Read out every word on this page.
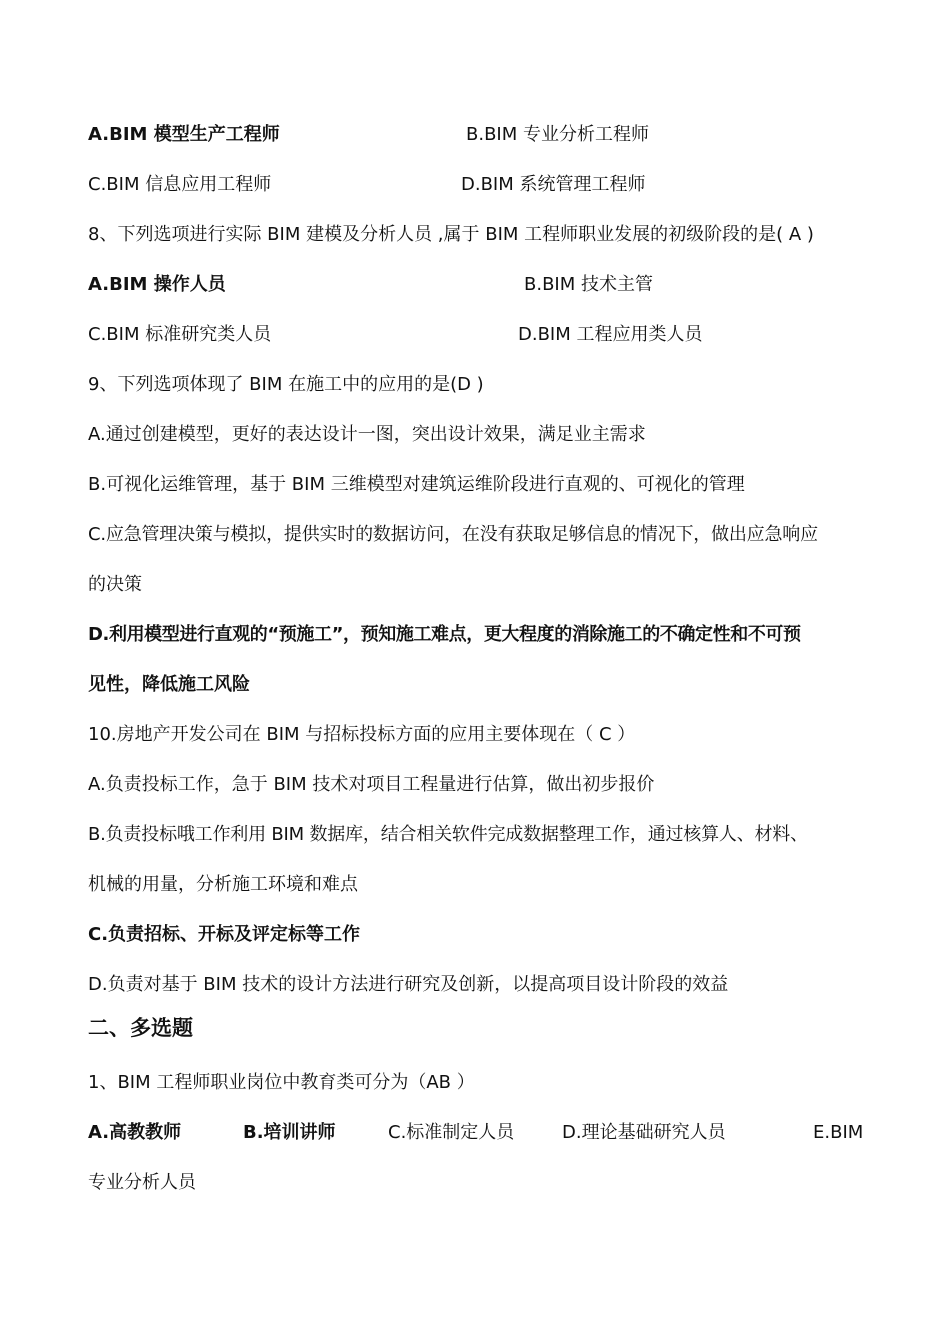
A.BIM 模型生产工程师	B.BIM 专业分析工程师
C.BIM 信息应用工程师	D.BIM 系统管理工程师
8、下列选项进行实际 BIM 建模及分析人员 ,属于 BIM 工程师职业发展的初级阶段的是( A )
A.BIM 操作人员	B.BIM 技术主管
C.BIM 标准研究类人员	D.BIM 工程应用类人员
9、下列选项体现了 BIM 在施工中的应用的是(D )
A.通过创建模型，更好的表达设计一图，突出设计效果，满足业主需求
B.可视化运维管理，基于 BIM 三维模型对建筑运维阶段进行直观的、可视化的管理
C.应急管理决策与模拟，提供实时的数据访问，在没有获取足够信息的情况下，做出应急响应
的决策
D.利用模型进行直观的“预施工”，预知施工难点，更大程度的消除施工的不确定性和不可预
见性，降低施工风险
10.房地产开发公司在 BIM 与招标投标方面的应用主要体现在（ C ）
A.负责投标工作，急于 BIM 技术对项目工程量进行估算，做出初步报价
B.负责投标哦工作利用 BIM 数据库，结合相关软件完成数据整理工作，通过核算人、材料、
机械的用量，分析施工环境和难点
C.负责招标、开标及评定标等工作
D.负责对基于 BIM 技术的设计方法进行研究及创新，以提高项目设计阶段的效益
二、多选题
1、BIM 工程师职业岗位中教育类可分为（AB ）
A.高教教师	B.培训讲师	C.标准制定人员	D.理论基础研究人员	E.BIM
专业分析人员
